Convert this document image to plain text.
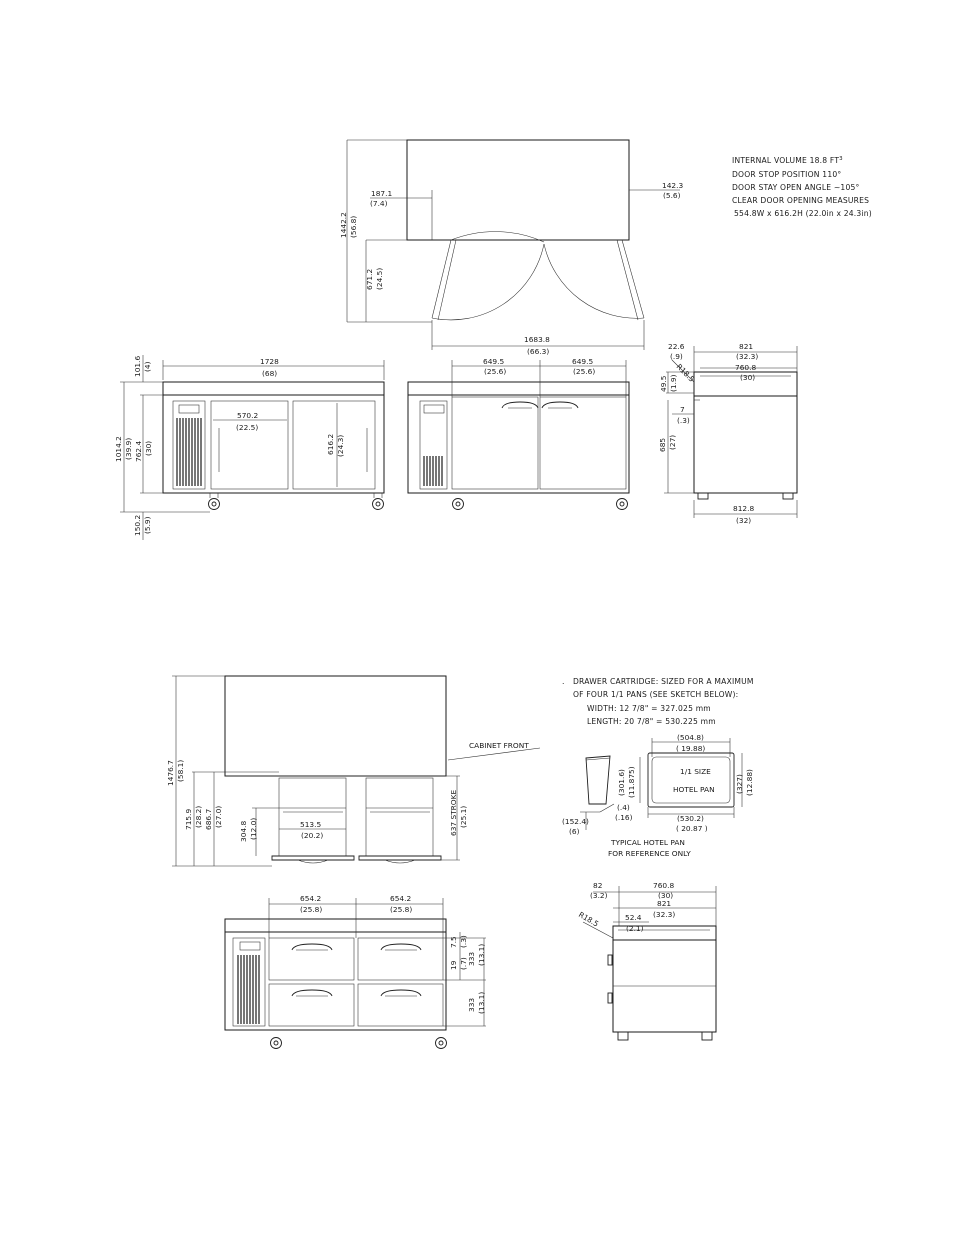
1442.2 (56.8)
671.2 (24.5)
187.1
(7.4)
142.3
(5.6)
1683.8
(66.3)
INTERNAL VOLUME 18.8 $FT^3$
DOOR STOP POSITION 110°
DOOR STAY OPEN ANGLE ~105°
CLEAR DOOR OPENING MEASURES
554.8W x 616.2H (22.0in x 24.3in)
1728
(68)
570.2
(22.5)
616.2 (24.3)
101.6 (4)
1014.2 (39.9) 762.4 (30)
150.2 (5.9)
649.5
(25.6)
649.5
(25.6)
821
(32.3)
760.8
(30)
22.6
(.9)
R18.5
49.5 (1.9)
7
(.3)
685 (27)
812.8
(32)
. DRAWER CARTRIDGE: SIZED FOR A MAXIMUM
OF FOUR 1/1 PANS (SEE SKETCH BELOW):
WIDTH: 12 7/8" = 327.025 mm
LENGTH: 20 7/8" = 530.225 mm
CABINET FRONT
1476.7 (58.1)
715.9 (28.2) 686.7 (27.0)
304.8 (12.0)	513.5
(20.2)	637 STROKE (25.1)
1/1 SIZE
HOTEL PAN
(504.8)
( 19.88)
(530.2)
( 20.87 )
(327) (12.88)
(301.6) (11.875)
(152.4)
(6)
(.4)
(.16)
TYPICAL HOTEL PAN
FOR REFERENCE ONLY
654.2
(25.8)
654.2
(25.8)
7.5 (.3)
19 (.7) 333 (13.1)
333 (13.1)
82
(3.2)
760.8
(30)
821
(32.3)
52.4
(2.1)
R18.5
